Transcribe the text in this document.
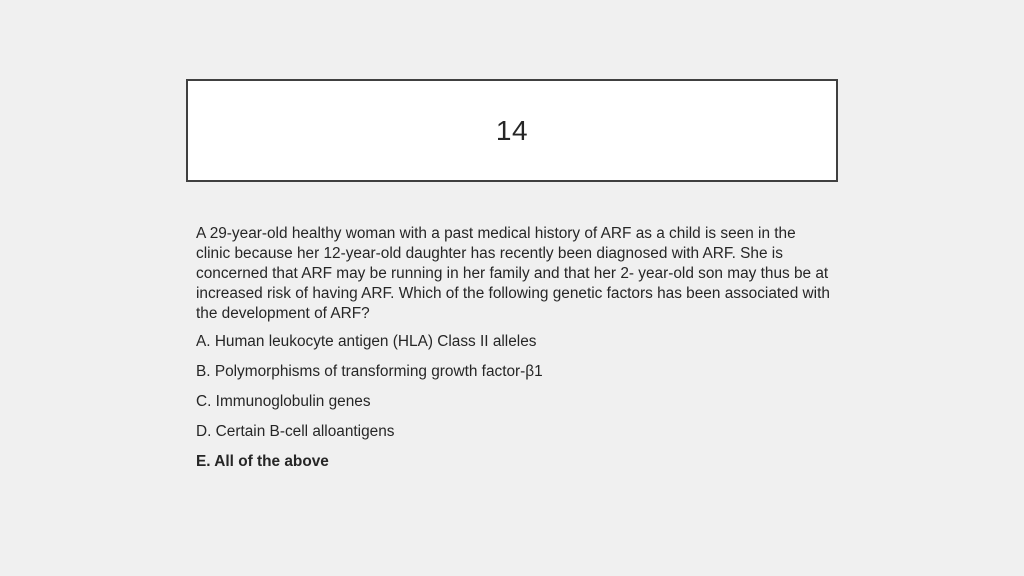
14

A 29-year-old healthy woman with a past medical history of ARF as a child is seen in the clinic because her 12-year-old daughter has recently been diagnosed with ARF. She is concerned that ARF may be running in her family and that her 2- year-old son may thus be at increased risk of having ARF. Which of the following genetic factors has been associated with the development of ARF?

A. Human leukocyte antigen (HLA) Class II alleles

B. Polymorphisms of transforming growth factor-β1

C. Immunoglobulin genes

D. Certain B-cell alloantigens

E. All of the above
